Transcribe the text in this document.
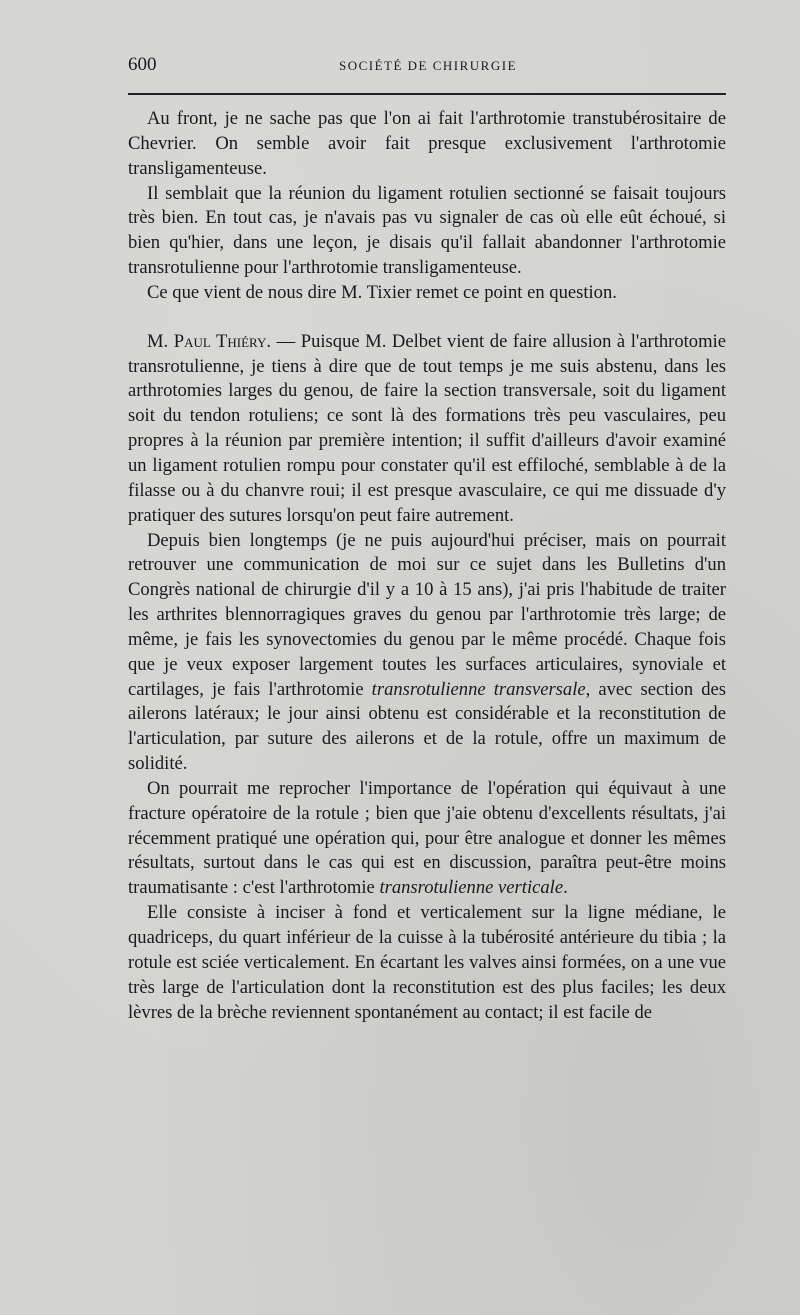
600	SOCIÉTÉ DE CHIRURGIE

Au front, je ne sache pas que l'on ai fait l'arthrotomie transtubérositaire de Chevrier. On semble avoir fait presque exclusivement l'arthrotomie transligamenteuse.

Il semblait que la réunion du ligament rotulien sectionné se faisait toujours très bien. En tout cas, je n'avais pas vu signaler de cas où elle eût échoué, si bien qu'hier, dans une leçon, je disais qu'il fallait abandonner l'arthrotomie transrotulienne pour l'arthrotomie transligamenteuse.

Ce que vient de nous dire M. Tixier remet ce point en question.

M. Paul Thiéry. — Puisque M. Delbet vient de faire allusion à l'arthrotomie transrotulienne, je tiens à dire que de tout temps je me suis abstenu, dans les arthrotomies larges du genou, de faire la section transversale, soit du ligament soit du tendon rotuliens; ce sont là des formations très peu vasculaires, peu propres à la réunion par première intention; il suffit d'ailleurs d'avoir examiné un ligament rotulien rompu pour constater qu'il est effiloché, semblable à de la filasse ou à du chanvre roui; il est presque avasculaire, ce qui me dissuade d'y pratiquer des sutures lorsqu'on peut faire autrement.

Depuis bien longtemps (je ne puis aujourd'hui préciser, mais on pourrait retrouver une communication de moi sur ce sujet dans les Bulletins d'un Congrès national de chirurgie d'il y a 10 à 15 ans), j'ai pris l'habitude de traiter les arthrites blennorragiques graves du genou par l'arthrotomie très large; de même, je fais les synovectomies du genou par le même procédé. Chaque fois que je veux exposer largement toutes les surfaces articulaires, synoviale et cartilages, je fais l'arthrotomie transrotulienne transversale, avec section des ailerons latéraux; le jour ainsi obtenu est considérable et la reconstitution de l'articulation, par suture des ailerons et de la rotule, offre un maximum de solidité.

On pourrait me reprocher l'importance de l'opération qui équivaut à une fracture opératoire de la rotule ; bien que j'aie obtenu d'excellents résultats, j'ai récemment pratiqué une opération qui, pour être analogue et donner les mêmes résultats, surtout dans le cas qui est en discussion, paraîtra peut-être moins traumatisante : c'est l'arthrotomie transrotulienne verticale.

Elle consiste à inciser à fond et verticalement sur la ligne médiane, le quadriceps, du quart inférieur de la cuisse à la tubérosité antérieure du tibia ; la rotule est sciée verticalement. En écartant les valves ainsi formées, on a une vue très large de l'articulation dont la reconstitution est des plus faciles; les deux lèvres de la brèche reviennent spontanément au contact; il est facile de
